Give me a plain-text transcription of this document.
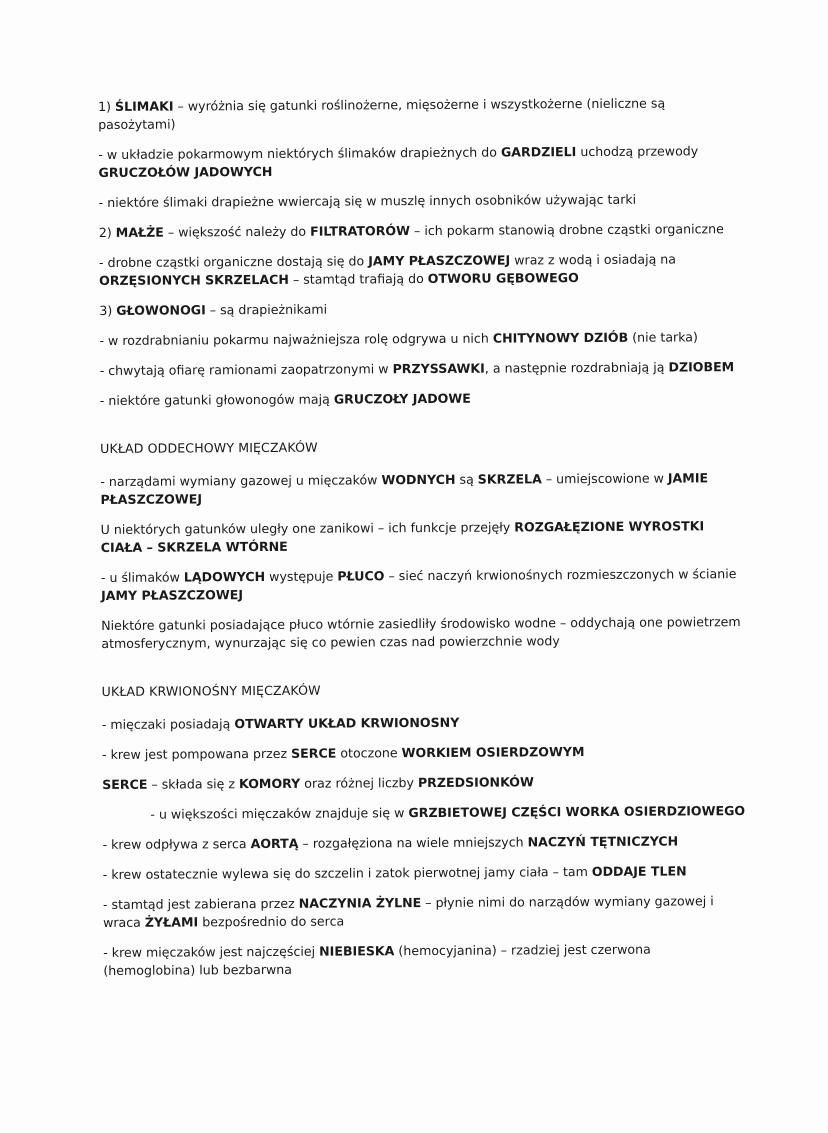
1) ŚLIMAKI – wyróżnia się gatunki roślinożerne, mięsożerne i wszystkożerne (nieliczne są pasożytami)

- w układzie pokarmowym niektórych ślimaków drapieżnych do GARDZIELI uchodzą przewody GRUCZOŁÓW JADOWYCH

- niektóre ślimaki drapieżne wwiercają się w muszlę innych osobników używając tarki

2) MAŁŻE – większość należy do FILTRATORÓW – ich pokarm stanowią drobne cząstki organiczne

- drobne cząstki organiczne dostają się do JAMY PŁASZCZOWEJ wraz z wodą i osiadają na ORZĘSIONYCH SKRZELACH – stamtąd trafiają do OTWORU GĘBOWEGO

3) GŁOWONOGI – są drapieżnikami

- w rozdrabnianiu pokarmu najważniejsza rolę odgrywa u nich CHITYNOWY DZIÓB (nie tarka)

- chwytają ofiarę ramionami zaopatrzonymi w PRZYSSAWKI, a następnie rozdrabniają ją DZIOBEM

- niektóre gatunki głowonogów mają GRUCZOŁY JADOWE

UKŁAD ODDECHOWY MIĘCZAKÓW

- narządami wymiany gazowej u mięczaków WODNYCH są SKRZELA – umiejscowione w JAMIE PŁASZCZOWEJ

U niektórych gatunków uległy one zanikowi – ich funkcje przejęły ROZGAŁĘZIONE WYROSTKI CIAŁA – SKRZELA WTÓRNE

- u ślimaków LĄDOWYCH występuje PŁUCO – sieć naczyń krwionośnych rozmieszczonych w ścianie JAMY PŁASZCZOWEJ

Niektóre gatunki posiadające płuco wtórnie zasiedliły środowisko wodne – oddychają one powietrzem atmosferycznym, wynurzając się co pewien czas nad powierzchnie wody

UKŁAD KRWIONOŚNY MIĘCZAKÓW

- mięczaki posiadają OTWARTY UKŁAD KRWIONOSNY

- krew jest pompowana przez SERCE otoczone WORKIEM OSIERDZOWYM

SERCE – składa się z KOMORY oraz różnej liczby PRZEDSIONKÓW

- u większości mięczaków znajduje się w GRZBIETOWEJ CZĘŚCI WORKA OSIERDZIOWEGO

- krew odpływa z serca AORTĄ – rozgałęziona na wiele mniejszych NACZYŃ TĘTNICZYCH

- krew ostatecznie wylewa się do szczelin i zatok pierwotnej jamy ciała – tam ODDAJE TLEN

- stamtąd jest zabierana przez NACZYNIA ŻYLNE – płynie nimi do narządów wymiany gazowej i wraca ŻYŁAMI bezpośrednio do serca

- krew mięczaków jest najczęściej NIEBIESKA (hemocyjanina) – rzadziej jest czerwona (hemoglobina) lub bezbarwna
